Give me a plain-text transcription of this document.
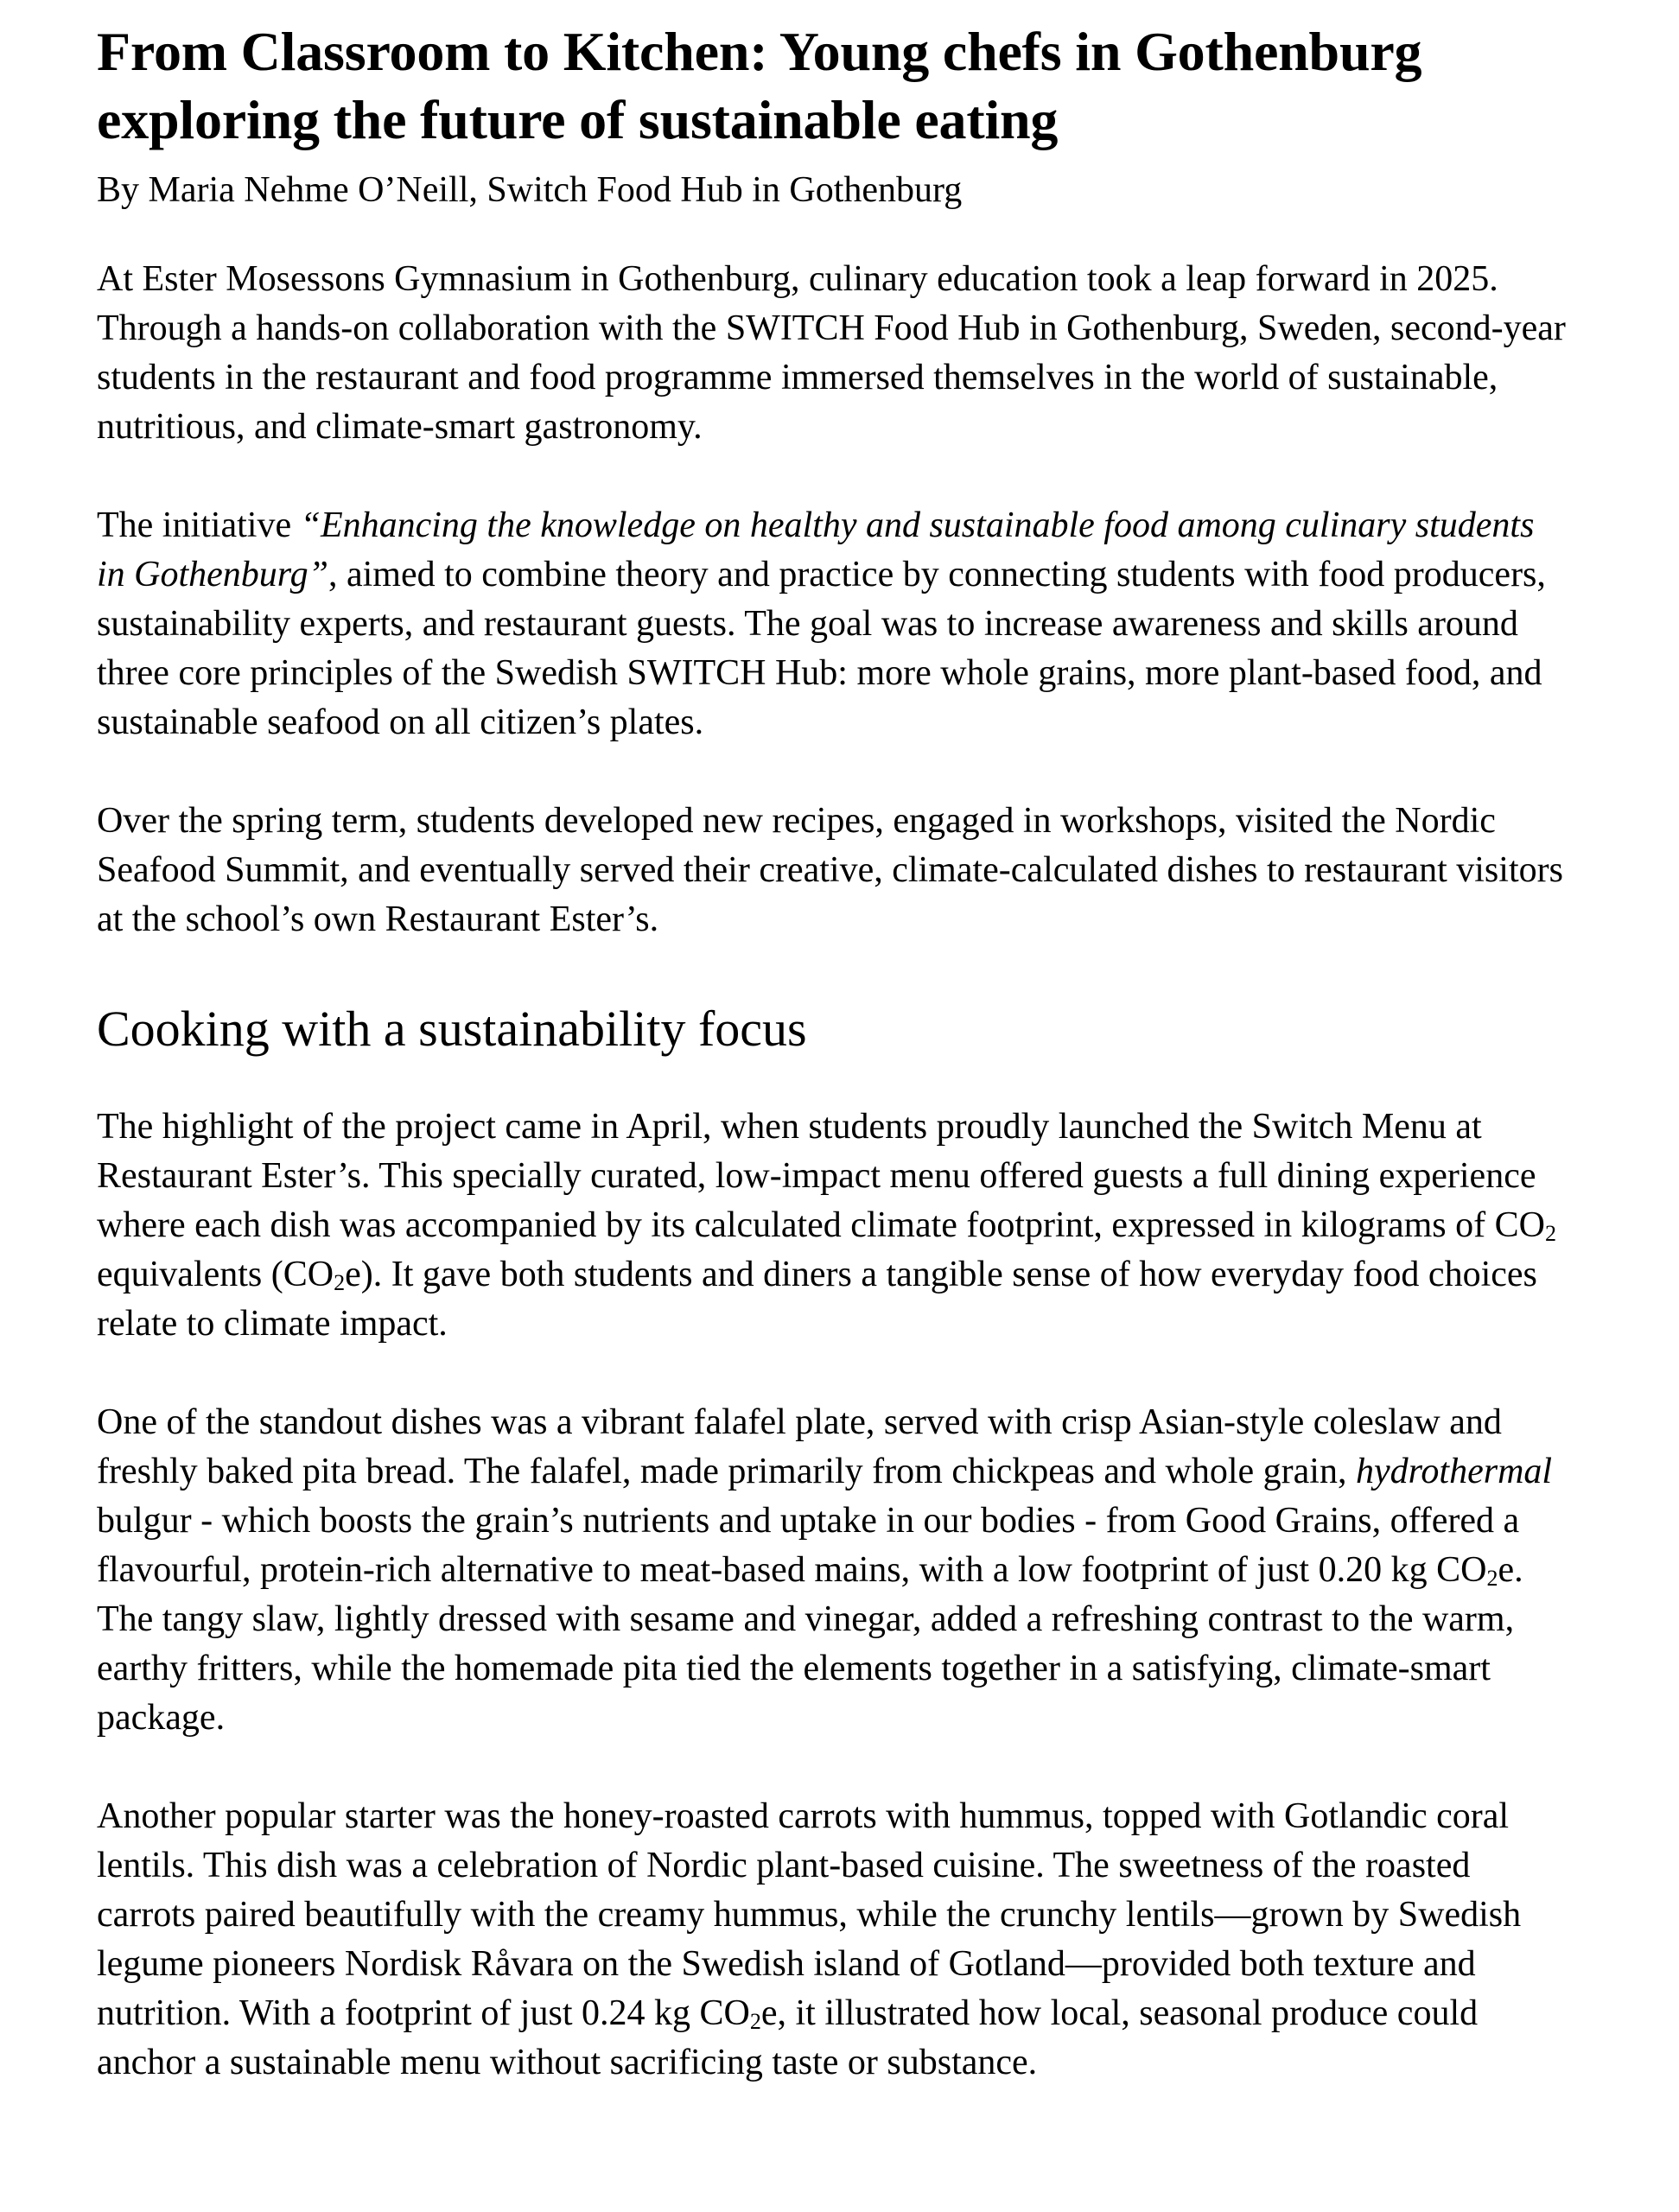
From Classroom to Kitchen: Young chefs in Gothenburg exploring the future of sustainable eating
By Maria Nehme O’Neill, Switch Food Hub in Gothenburg

At Ester Mosessons Gymnasium in Gothenburg, culinary education took a leap forward in 2025. Through a hands-on collaboration with the SWITCH Food Hub in Gothenburg, Sweden, second-year students in the restaurant and food programme immersed themselves in the world of sustainable, nutritious, and climate-smart gastronomy.

The initiative “Enhancing the knowledge on healthy and sustainable food among culinary students in Gothenburg”, aimed to combine theory and practice by connecting students with food producers, sustainability experts, and restaurant guests. The goal was to increase awareness and skills around three core principles of the Swedish SWITCH Hub: more whole grains, more plant-based food, and sustainable seafood on all citizen’s plates.

Over the spring term, students developed new recipes, engaged in workshops, visited the Nordic Seafood Summit, and eventually served their creative, climate-calculated dishes to restaurant visitors at the school’s own Restaurant Ester’s.

Cooking with a sustainability focus

The highlight of the project came in April, when students proudly launched the Switch Menu at Restaurant Ester’s. This specially curated, low-impact menu offered guests a full dining experience where each dish was accompanied by its calculated climate footprint, expressed in kilograms of $CO_2$ equivalents $(CO_2e)$. It gave both students and diners a tangible sense of how everyday food choices relate to climate impact.

One of the standout dishes was a vibrant falafel plate, served with crisp Asian-style coleslaw and freshly baked pita bread. The falafel, made primarily from chickpeas and whole grain, hydrothermal bulgur - which boosts the grain’s nutrients and uptake in our bodies - from Good Grains, offered a flavourful, protein-rich alternative to meat-based mains, with a low footprint of just 0.20 kg $CO_2e$. The tangy slaw, lightly dressed with sesame and vinegar, added a refreshing contrast to the warm, earthy fritters, while the homemade pita tied the elements together in a satisfying, climate-smart package.

Another popular starter was the honey-roasted carrots with hummus, topped with Gotlandic coral lentils. This dish was a celebration of Nordic plant-based cuisine. The sweetness of the roasted carrots paired beautifully with the creamy hummus, while the crunchy lentils—grown by Swedish legume pioneers Nordisk Råvara on the Swedish island of Gotland—provided both texture and nutrition. With a footprint of just 0.24 kg $CO_2e$, it illustrated how local, seasonal produce could anchor a sustainable menu without sacrificing taste or substance.
